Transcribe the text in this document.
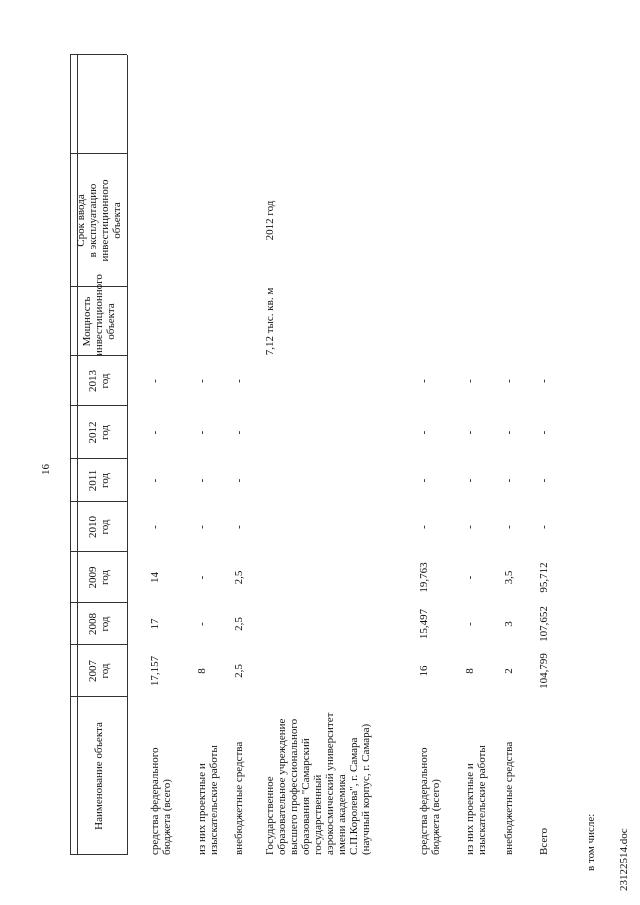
Наименование объекта
2007 год
2008 год
2009 год
2010 год
2011 год
2012 год
2013 год
Мощность инвестиционного объекта
Срок ввода в эксплуатацию инвестиционного объекта
средства федерального бюджета (всего)
17,157
17
14
-
-
-
-
из них проектные и изыскательские работы
8
-
-
-
-
-
-
внебюджетные средства
2,5
2,5
2,5
-
-
-
-
Государственное образовательное учреждение высшего профессионального образования "Самарский государственный аэрокосмический университет имени академика С.П.Королева", г. Самара (научный корпус, г. Самара)
7,12 тыс. кв. м
2012 год
средства федерального бюджета (всего)
16
15,497
19,763
-
-
-
-
из них проектные и изыскательские работы
8
-
-
-
-
-
-
внебюджетные средства
2
3
3,5
-
-
-
-
Всего
104,799
107,652
95,712
-
-
-
-
16
в том числе: 23122514.doc
